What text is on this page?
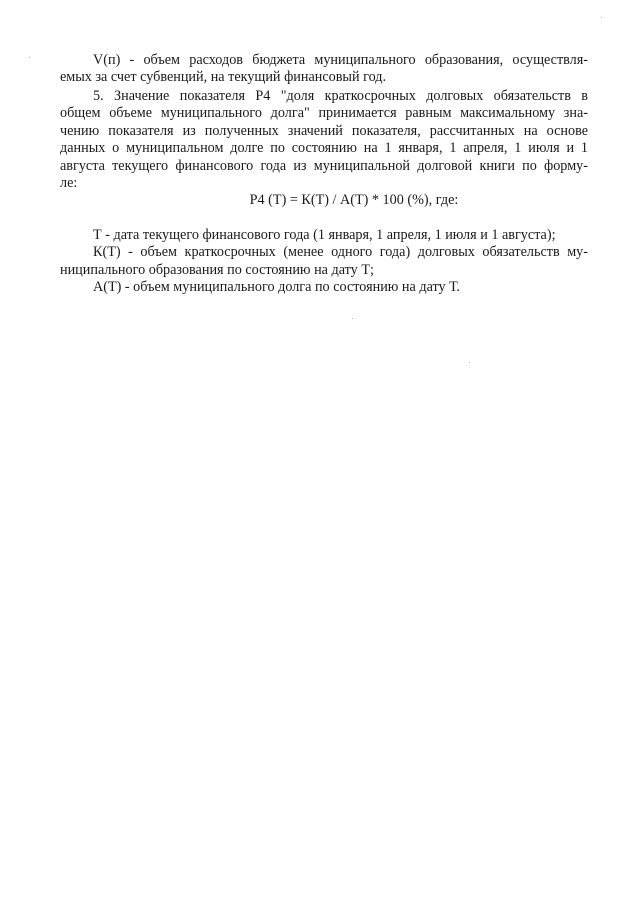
V(п) - объем расходов бюджета муниципального образования, осуществля-
емых за счет субвенций, на текущий финансовый год.
5. Значение показателя Р4 "доля краткосрочных долговых обязательств в
общем объеме муниципального долга" принимается равным максимальному зна-
чению показателя из полученных значений показателя, рассчитанных на основе
данных о муниципальном долге по состоянию на 1 января, 1 апреля, 1 июля и 1
августа текущего финансового года из муниципальной долговой книги по форму-
ле:
Р4 (Т) = К(Т) / А(Т) * 100 (%), где:
Т - дата текущего финансового года (1 января, 1 апреля, 1 июля и 1 августа);
К(Т) - объем краткосрочных (менее одного года) долговых обязательств му-
ниципального образования по состоянию на дату Т;
А(Т) - объем муниципального долга по состоянию на дату Т.
